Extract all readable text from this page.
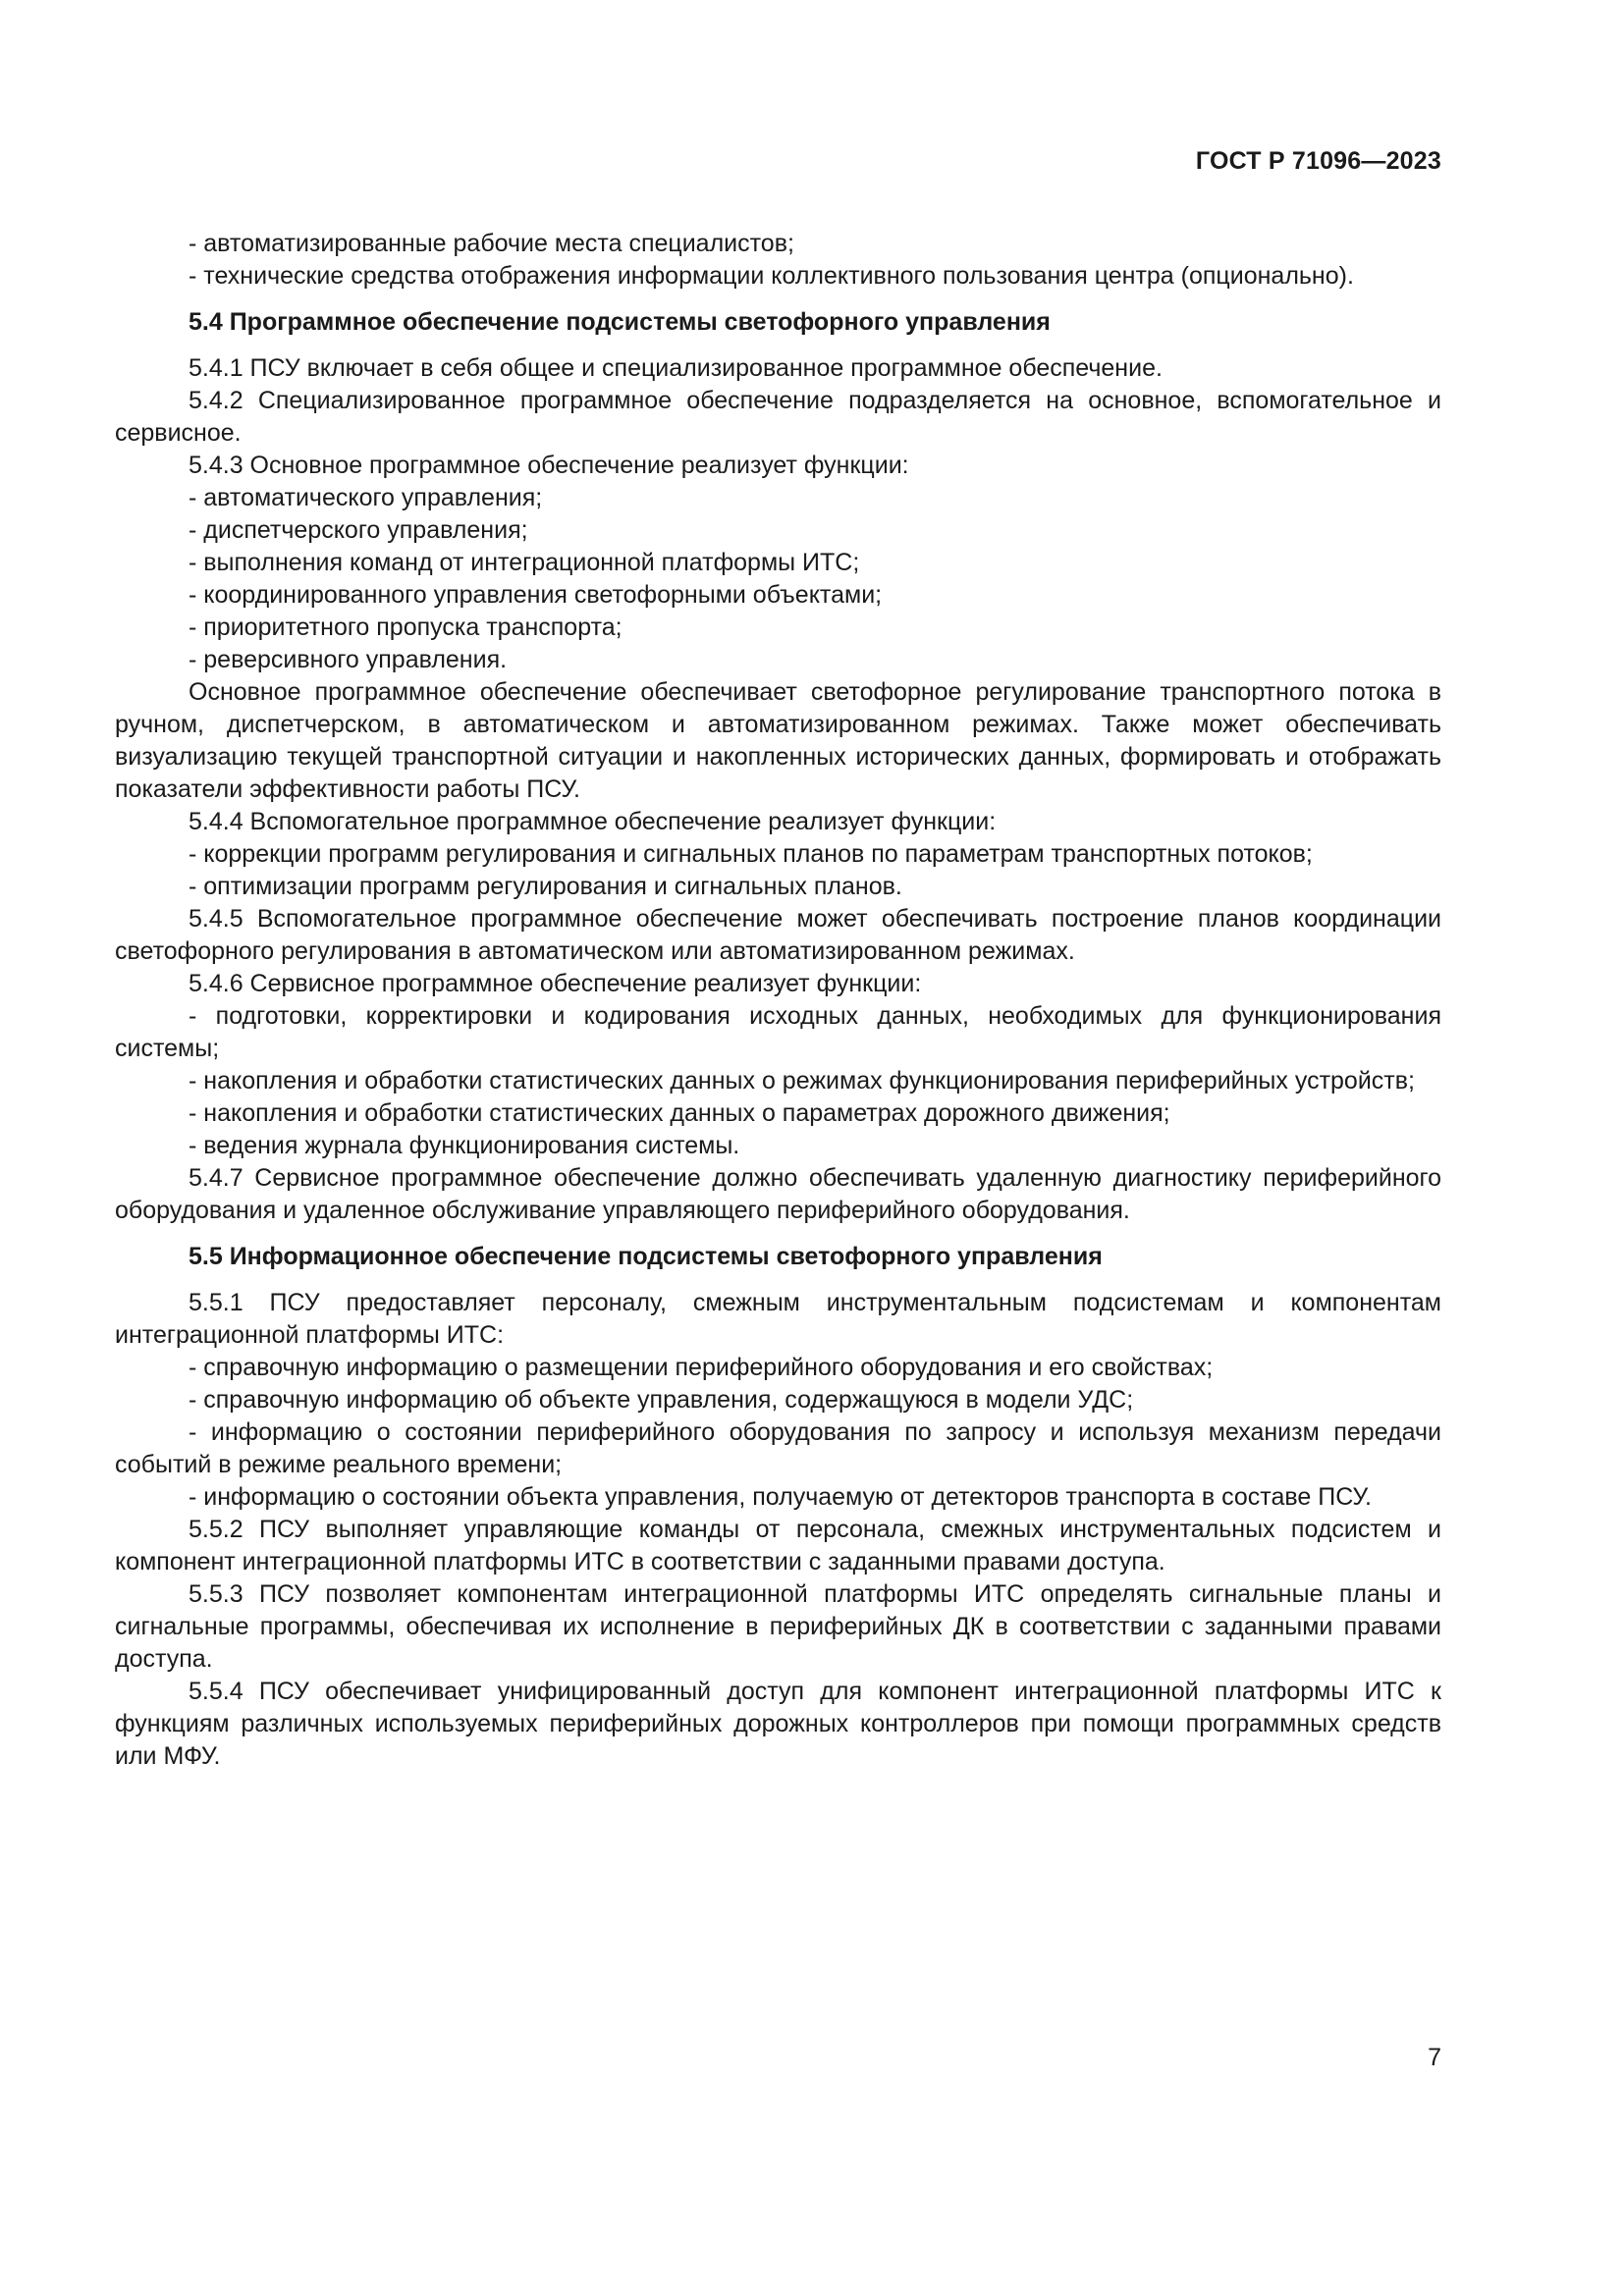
ГОСТ Р 71096—2023

- автоматизированные рабочие места специалистов;

- технические средства отображения информации коллективного пользования центра (опционально).

5.4 Программное обеспечение подсистемы светофорного управления

5.4.1 ПСУ включает в себя общее и специализированное программное обеспечение.

5.4.2 Специализированное программное обеспечение подразделяется на основное, вспомогательное и сервисное.

5.4.3 Основное программное обеспечение реализует функции:

- автоматического управления;

- диспетчерского управления;

- выполнения команд от интеграционной платформы ИТС;

- координированного управления светофорными объектами;

- приоритетного пропуска транспорта;

- реверсивного управления.

Основное программное обеспечение обеспечивает светофорное регулирование транспортного потока в ручном, диспетчерском, в автоматическом и автоматизированном режимах. Также может обеспечивать визуализацию текущей транспортной ситуации и накопленных исторических данных, формировать и отображать показатели эффективности работы ПСУ.

5.4.4 Вспомогательное программное обеспечение реализует функции:

- коррекции программ регулирования и сигнальных планов по параметрам транспортных потоков;

- оптимизации программ регулирования и сигнальных планов.

5.4.5 Вспомогательное программное обеспечение может обеспечивать построение планов координации светофорного регулирования в автоматическом или автоматизированном режимах.

5.4.6 Сервисное программное обеспечение реализует функции:

- подготовки, корректировки и кодирования исходных данных, необходимых для функционирования системы;

- накопления и обработки статистических данных о режимах функционирования периферийных устройств;

- накопления и обработки статистических данных о параметрах дорожного движения;

- ведения журнала функционирования системы.

5.4.7 Сервисное программное обеспечение должно обеспечивать удаленную диагностику периферийного оборудования и удаленное обслуживание управляющего периферийного оборудования.

5.5 Информационное обеспечение подсистемы светофорного управления

5.5.1 ПСУ предоставляет персоналу, смежным инструментальным подсистемам и компонентам интеграционной платформы ИТС:

- справочную информацию о размещении периферийного оборудования и его свойствах;

- справочную информацию об объекте управления, содержащуюся в модели УДС;

- информацию о состоянии периферийного оборудования по запросу и используя механизм передачи событий в режиме реального времени;

- информацию о состоянии объекта управления, получаемую от детекторов транспорта в составе ПСУ.

5.5.2 ПСУ выполняет управляющие команды от персонала, смежных инструментальных подсистем и компонент интеграционной платформы ИТС в соответствии с заданными правами доступа.

5.5.3 ПСУ позволяет компонентам интеграционной платформы ИТС определять сигнальные планы и сигнальные программы, обеспечивая их исполнение в периферийных ДК в соответствии с заданными правами доступа.

5.5.4 ПСУ обеспечивает унифицированный доступ для компонент интеграционной платформы ИТС к функциям различных используемых периферийных дорожных контроллеров при помощи программных средств или МФУ.

7
